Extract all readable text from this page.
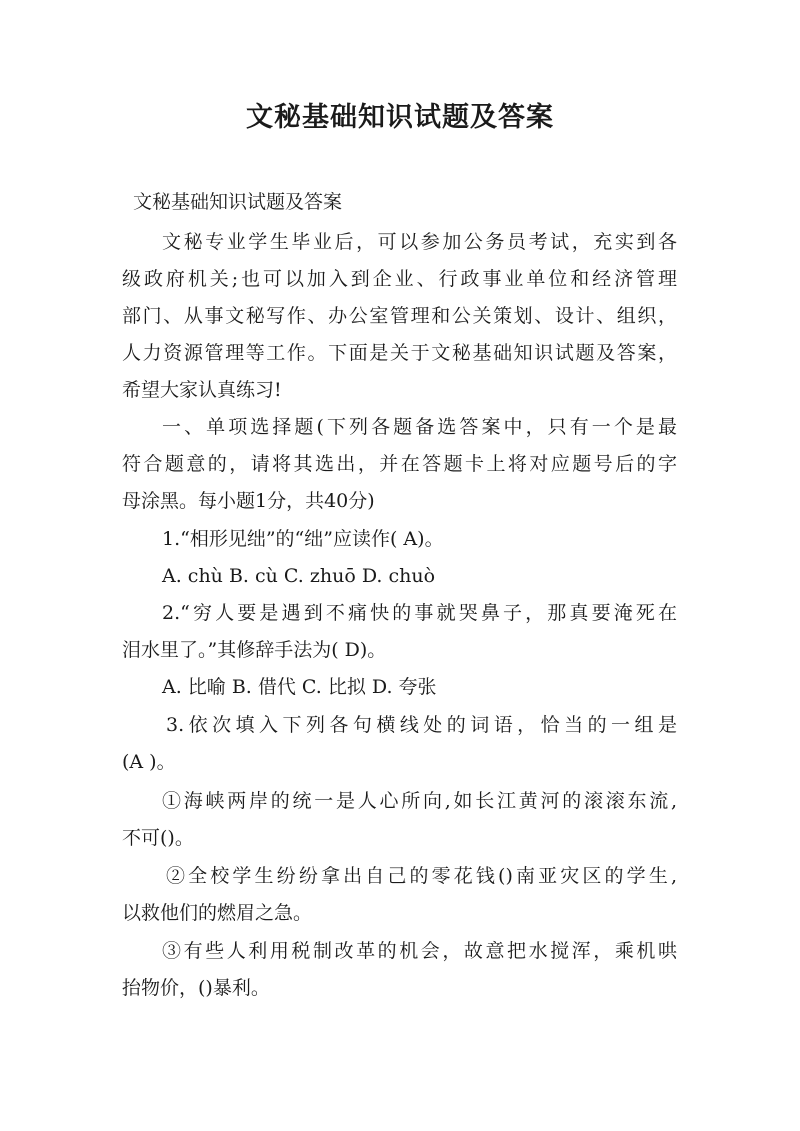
文秘基础知识试题及答案
文秘基础知识试题及答案
文秘专业学生毕业后，可以参加公务员考试，充实到各
级政府机关;也可以加入到企业、行政事业单位和经济管理
部门、从事文秘写作、办公室管理和公关策划、设计、组织，
人力资源管理等工作。下面是关于文秘基础知识试题及答案，
希望大家认真练习!
一、单项选择题(下列各题备选答案中，只有一个是最
符合题意的，请将其选出，并在答题卡上将对应题号后的字
母涂黑。每小题1分，共40分)
1.“相形见绌”的“绌”应读作( A)。
A. chù B. cù C. zhuō D. chuò
2.“穷人要是遇到不痛快的事就哭鼻子，那真要淹死在
泪水里了。”其修辞手法为( D)。
A. 比喻 B. 借代 C. 比拟 D. 夸张
3.依次填入下列各句横线处的词语，恰当的一组是
(A )。
①海峡两岸的统一是人心所向,如长江黄河的滚滚东流,
不可()。
②全校学生纷纷拿出自己的零花钱()南亚灾区的学生,
以救他们的燃眉之急。
③有些人利用税制改革的机会，故意把水搅浑，乘机哄
抬物价，()暴利。
